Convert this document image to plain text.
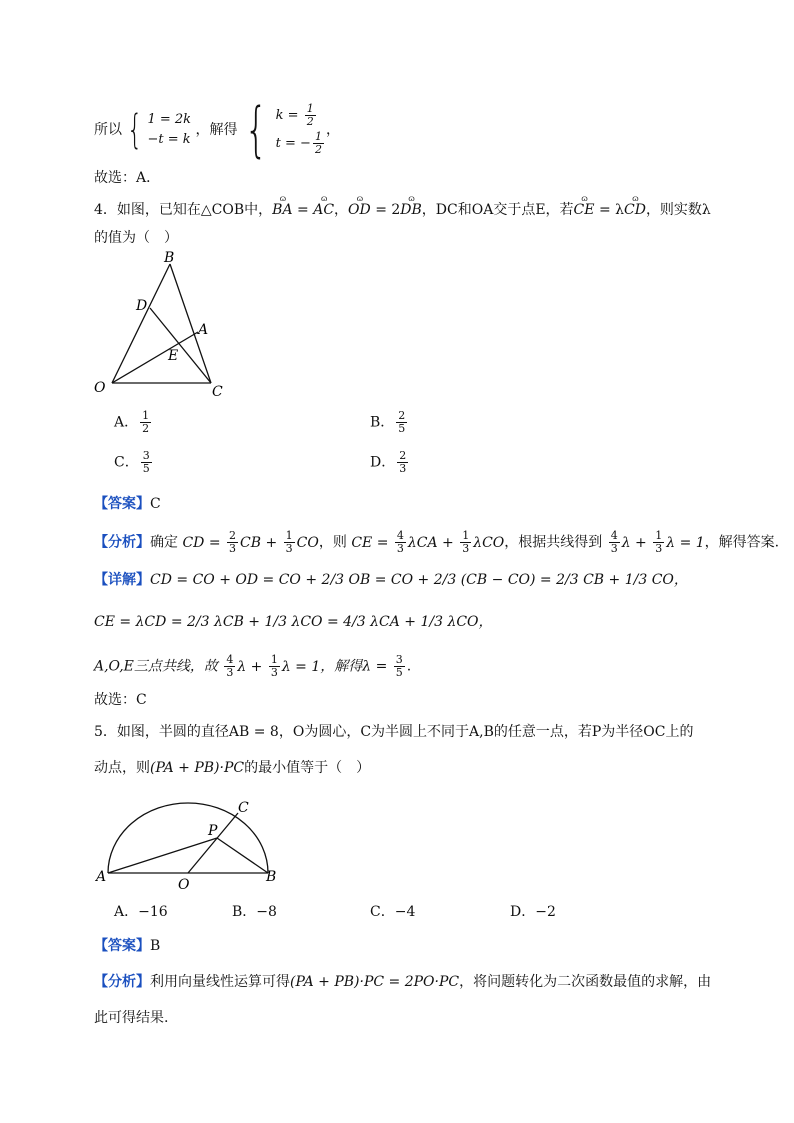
所以 { 1 = 2k
−t = k
，解得 { $k = \frac{1}{2}$
t = − $\frac{1}{2}$
，
故选：A．
4．如图，已知在△COB中，ɷ BA = ɷ AC，ɷ OD = 2ɷ DB，DC和OA交于点E，若ɷ CE = λɷ CD，则实数λ
的值为（　）
B
D
A
E
O	C
A． $\frac{1}{2}$	B． $\frac{2}{5}$
C． $\frac{3}{5}$	D． $\frac{2}{3}$
【答案】C
【分析】确定 CD = $\frac{2}{3}$ CB + $\frac{1}{3}$ CO，则 CE = $\frac{4}{3}$ $\lambda CA + \frac{1}{3}$ λCO，根据共线得到 $\frac{4}{3}$ $\lambda + \frac{1}{3}$ λ = 1，解得答案.
【详解】CD = CO + OD = CO + 2/3 OB = CO + 2/3 (CB − CO) = 2/3 CB + 1/3 CO，
CE = λCD = 2/3 λCB + 1/3 λCO = 4/3 λCA + 1/3 λCO，
A,O,E三点共线，故 $\frac{4}{3}$ $\lambda + \frac{1}{3}$ λ = 1，解得$\lambda = \frac{3}{5}$ .
故选：C
5．如图，半圆的直径AB = 8，O为圆心，C为半圆上不同于A,B的任意一点，若P为半径OC上的
动点，则(PA + PB)·PC的最小值等于（　）
A	O	B
C
P
A．−16	B．−8	C．−4	D．−2
【答案】B
【分析】利用向量线性运算可得(PA + PB)·PC = 2PO·PC，将问题转化为二次函数最值的求解，由
此可得结果.
